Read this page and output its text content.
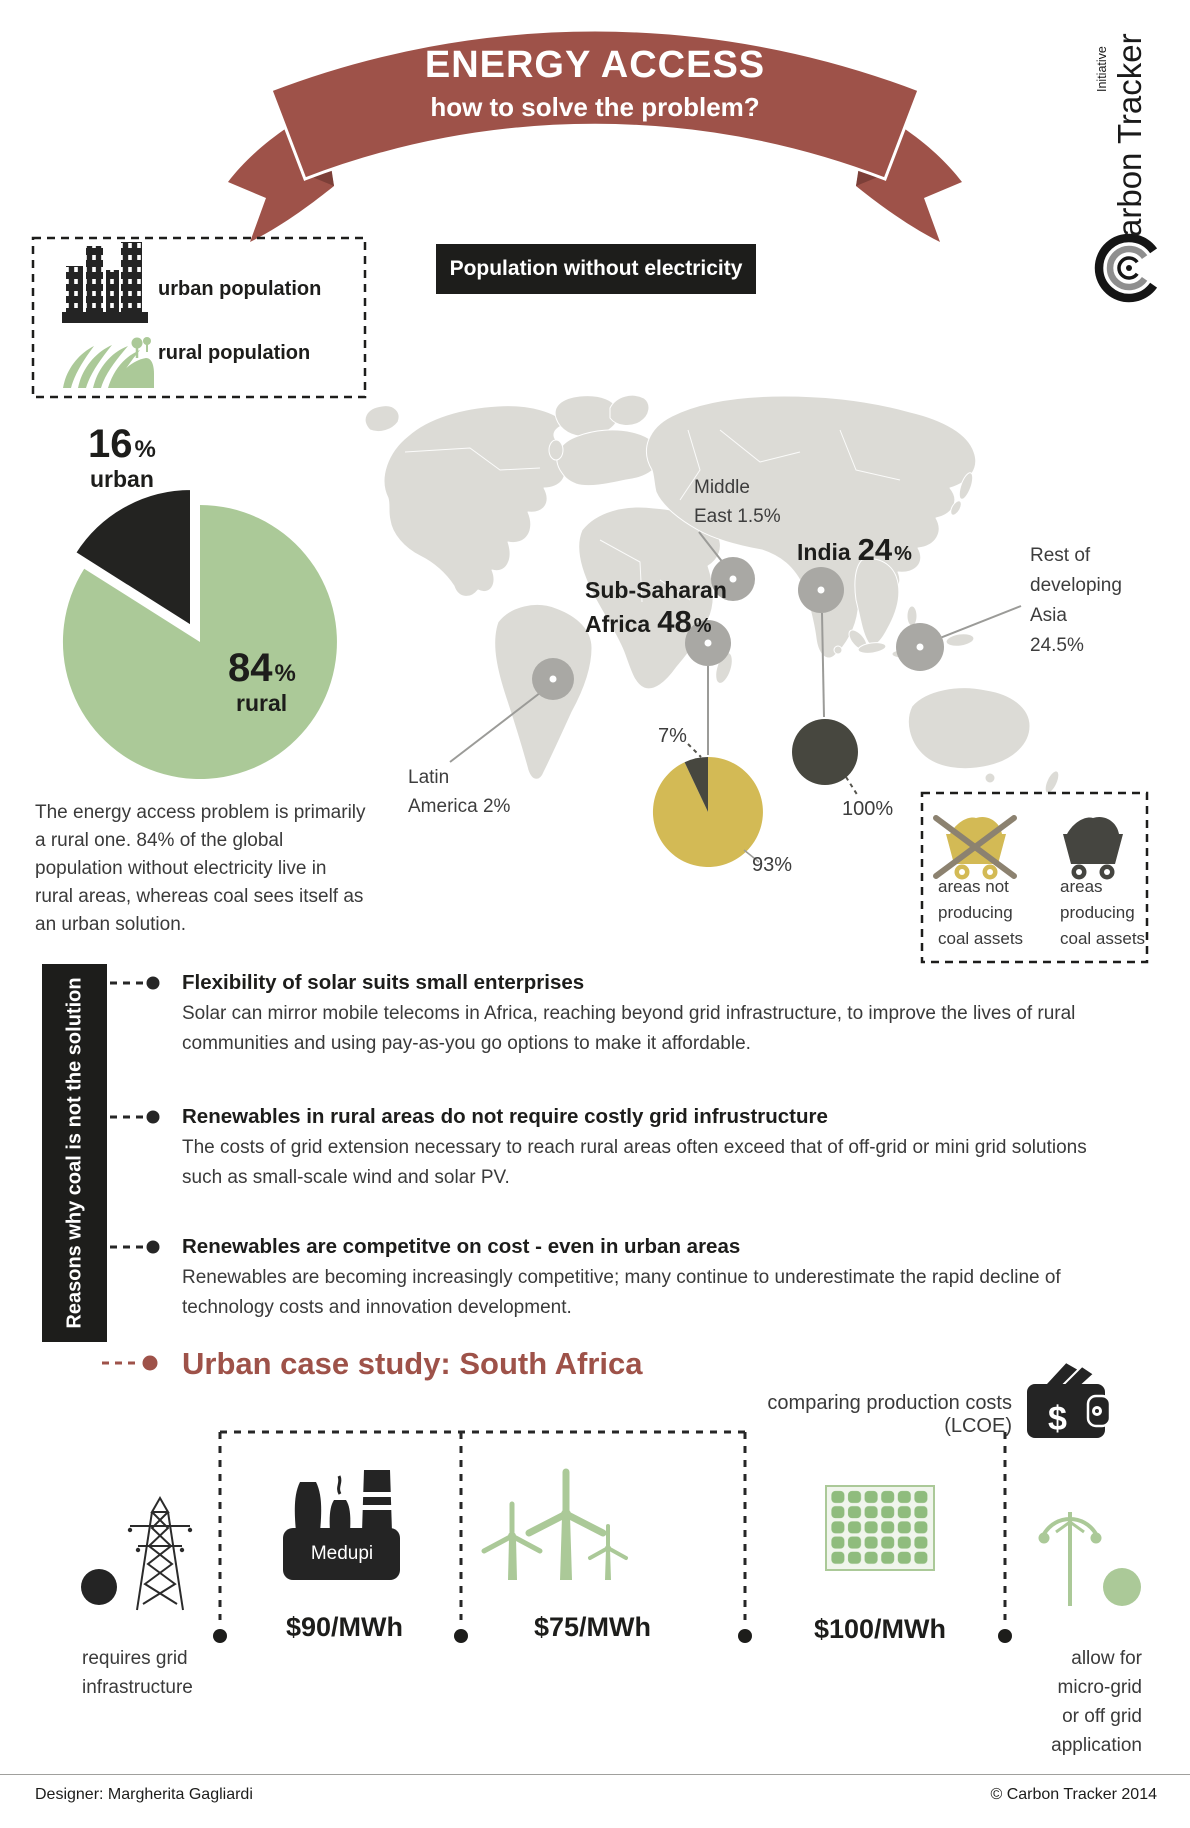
arbon Tracker
Initiative
$
ENERGY ACCESS
how to solve the problem?
Population without electricity
urban population
rural population
16 %
urban
84 %
rural
The energy access problem is primarily a rural one. 84% of the global population without electricity live in rural areas, whereas coal sees itself as an urban solution.
Middle
East 1.5%
Sub-Saharan
Africa 48 %
India 24 %	Rest of
developing
Asia
24.5%
Latin
America 2%
7%
93%
100%
areas not
producing
coal assets
areas
producing
coal assets
Reasons why coal is not the solution	Flexibility of solar suits small enterprises
Solar can mirror mobile telecoms in Africa, reaching beyond grid infrastructure, to improve the lives of rural communities and using pay-as-you go options to make it affordable.
Renewables in rural areas do not require costly grid infrustructure
The costs of grid extension necessary to reach rural areas often exceed that of off-grid or mini grid solutions such as small-scale wind and solar PV.
Renewables are competitve on cost - even in urban areas
Renewables are becoming increasingly competitive; many continue to underestimate the rapid decline of technology costs and innovation development.
Urban case study: South Africa
comparing production costs (LCOE)
requires grid
infrastructure
Medupi
$90/MWh	$75/MWh	$100/MWh
allow for
micro-grid
or off grid
application
Designer: Margherita Gagliardi	© Carbon Tracker 2014
